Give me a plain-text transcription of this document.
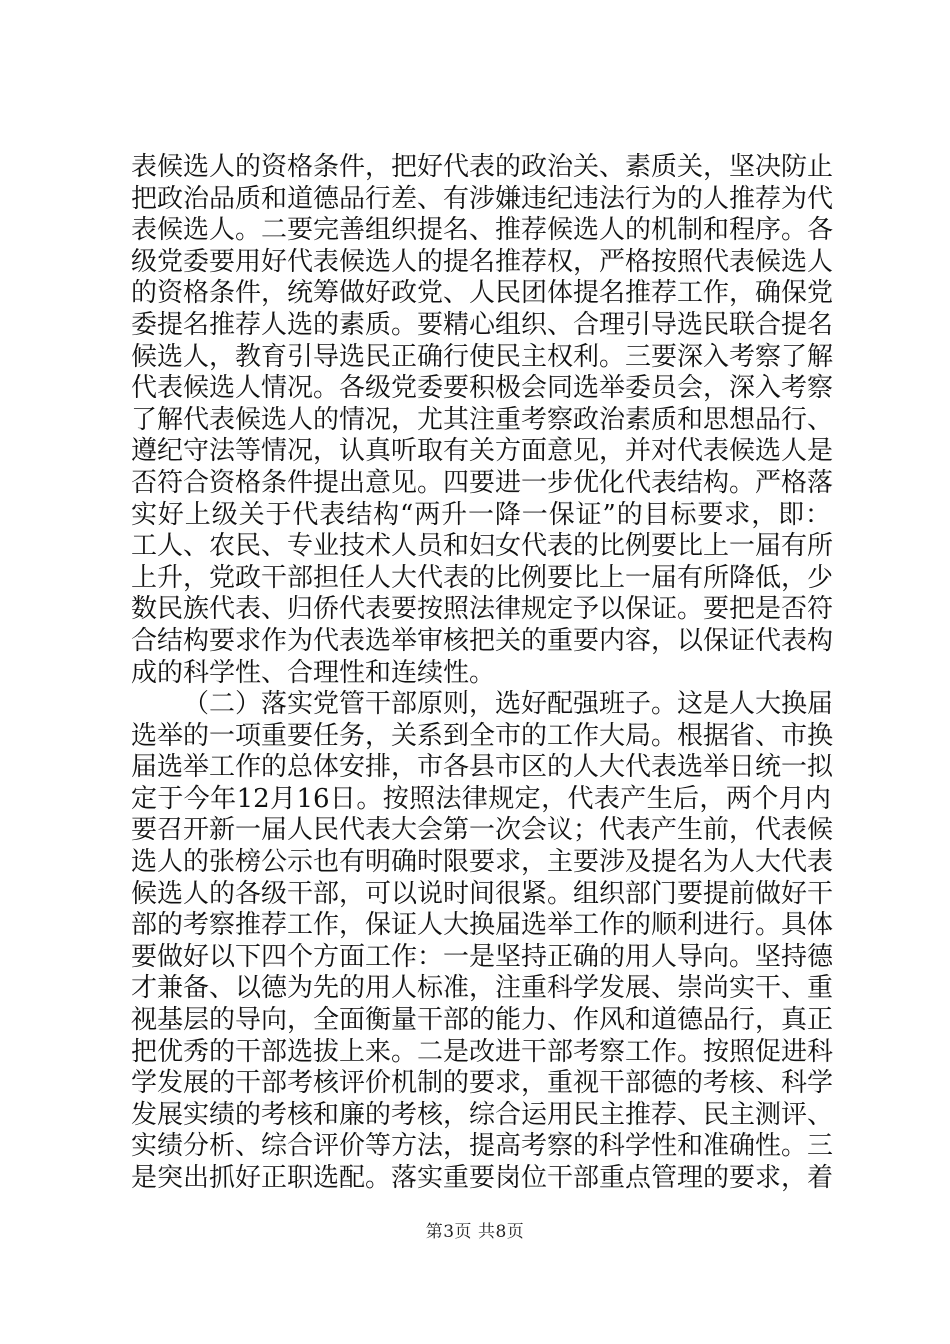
表候选人的资格条件，把好代表的政治关、素质关，坚决防止
把政治品质和道德品行差、有涉嫌违纪违法行为的人推荐为代
表候选人。二要完善组织提名、推荐候选人的机制和程序。各
级党委要用好代表候选人的提名推荐权，严格按照代表候选人
的资格条件，统筹做好政党、人民团体提名推荐工作，确保党
委提名推荐人选的素质。要精心组织、合理引导选民联合提名
候选人，教育引导选民正确行使民主权利。三要深入考察了解
代表候选人情况。各级党委要积极会同选举委员会，深入考察
了解代表候选人的情况，尤其注重考察政治素质和思想品行、
遵纪守法等情况，认真听取有关方面意见，并对代表候选人是
否符合资格条件提出意见。四要进一步优化代表结构。严格落
实好上级关于代表结构“两升一降一保证”的目标要求，即：
工人、农民、专业技术人员和妇女代表的比例要比上一届有所
上升，党政干部担任人大代表的比例要比上一届有所降低，少
数民族代表、归侨代表要按照法律规定予以保证。要把是否符
合结构要求作为代表选举审核把关的重要内容，以保证代表构
成的科学性、合理性和连续性。
（二）落实党管干部原则，选好配强班子。这是人大换届
选举的一项重要任务，关系到全市的工作大局。根据省、市换
届选举工作的总体安排，市各县市区的人大代表选举日统一拟
定于今年12月16日。按照法律规定，代表产生后，两个月内
要召开新一届人民代表大会第一次会议；代表产生前，代表候
选人的张榜公示也有明确时限要求，主要涉及提名为人大代表
候选人的各级干部，可以说时间很紧。组织部门要提前做好干
部的考察推荐工作，保证人大换届选举工作的顺利进行。具体
要做好以下四个方面工作：一是坚持正确的用人导向。坚持德
才兼备、以德为先的用人标准，注重科学发展、崇尚实干、重
视基层的导向，全面衡量干部的能力、作风和道德品行，真正
把优秀的干部选拔上来。二是改进干部考察工作。按照促进科
学发展的干部考核评价机制的要求，重视干部德的考核、科学
发展实绩的考核和廉的考核，综合运用民主推荐、民主测评、
实绩分析、综合评价等方法，提高考察的科学性和准确性。三
是突出抓好正职选配。落实重要岗位干部重点管理的要求，着
第3页 共8页
